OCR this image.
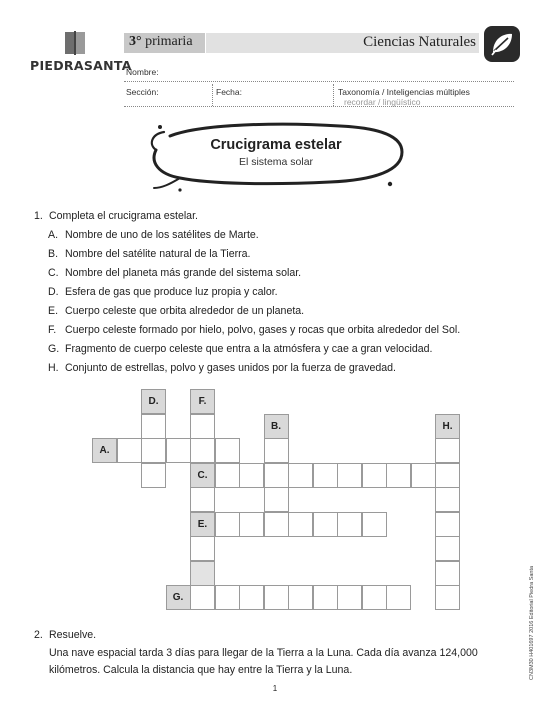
PIEDRASANTA
3° primaria	Ciencias Naturales
Nombre:
Sección:	Fecha:	Taxonomía / Inteligencias múltiples
recordar / lingüístico
Crucigrama estelar
El sistema solar
1. Completa el crucigrama estelar.
A. Nombre de uno de los satélites de Marte.
B. Nombre del satélite natural de la Tierra.
C. Nombre del planeta más grande del sistema solar.
D. Esfera de gas que produce luz propia y calor.
E. Cuerpo celeste que orbita alrededor de un planeta.
F. Cuerpo celeste formado por hielo, polvo, gases y rocas que orbita alrededor del Sol.
G. Fragmento de cuerpo celeste que entra a la atmósfera y cae a gran velocidad.
H. Conjunto de estrellas, polvo y gases unidos por la fuerza de gravedad.
D.	F.
B.	H.
A.
C.
E.
G.
2. Resuelve.
Una nave espacial tarda 3 días para llegar de la Tierra a la Luna. Cada día avanza 124,000 kilómetros. Calcula la distancia que hay entre la Tierra y la Luna.	CN3M30 H401697 2016 Editorial Piedra Santa
1
